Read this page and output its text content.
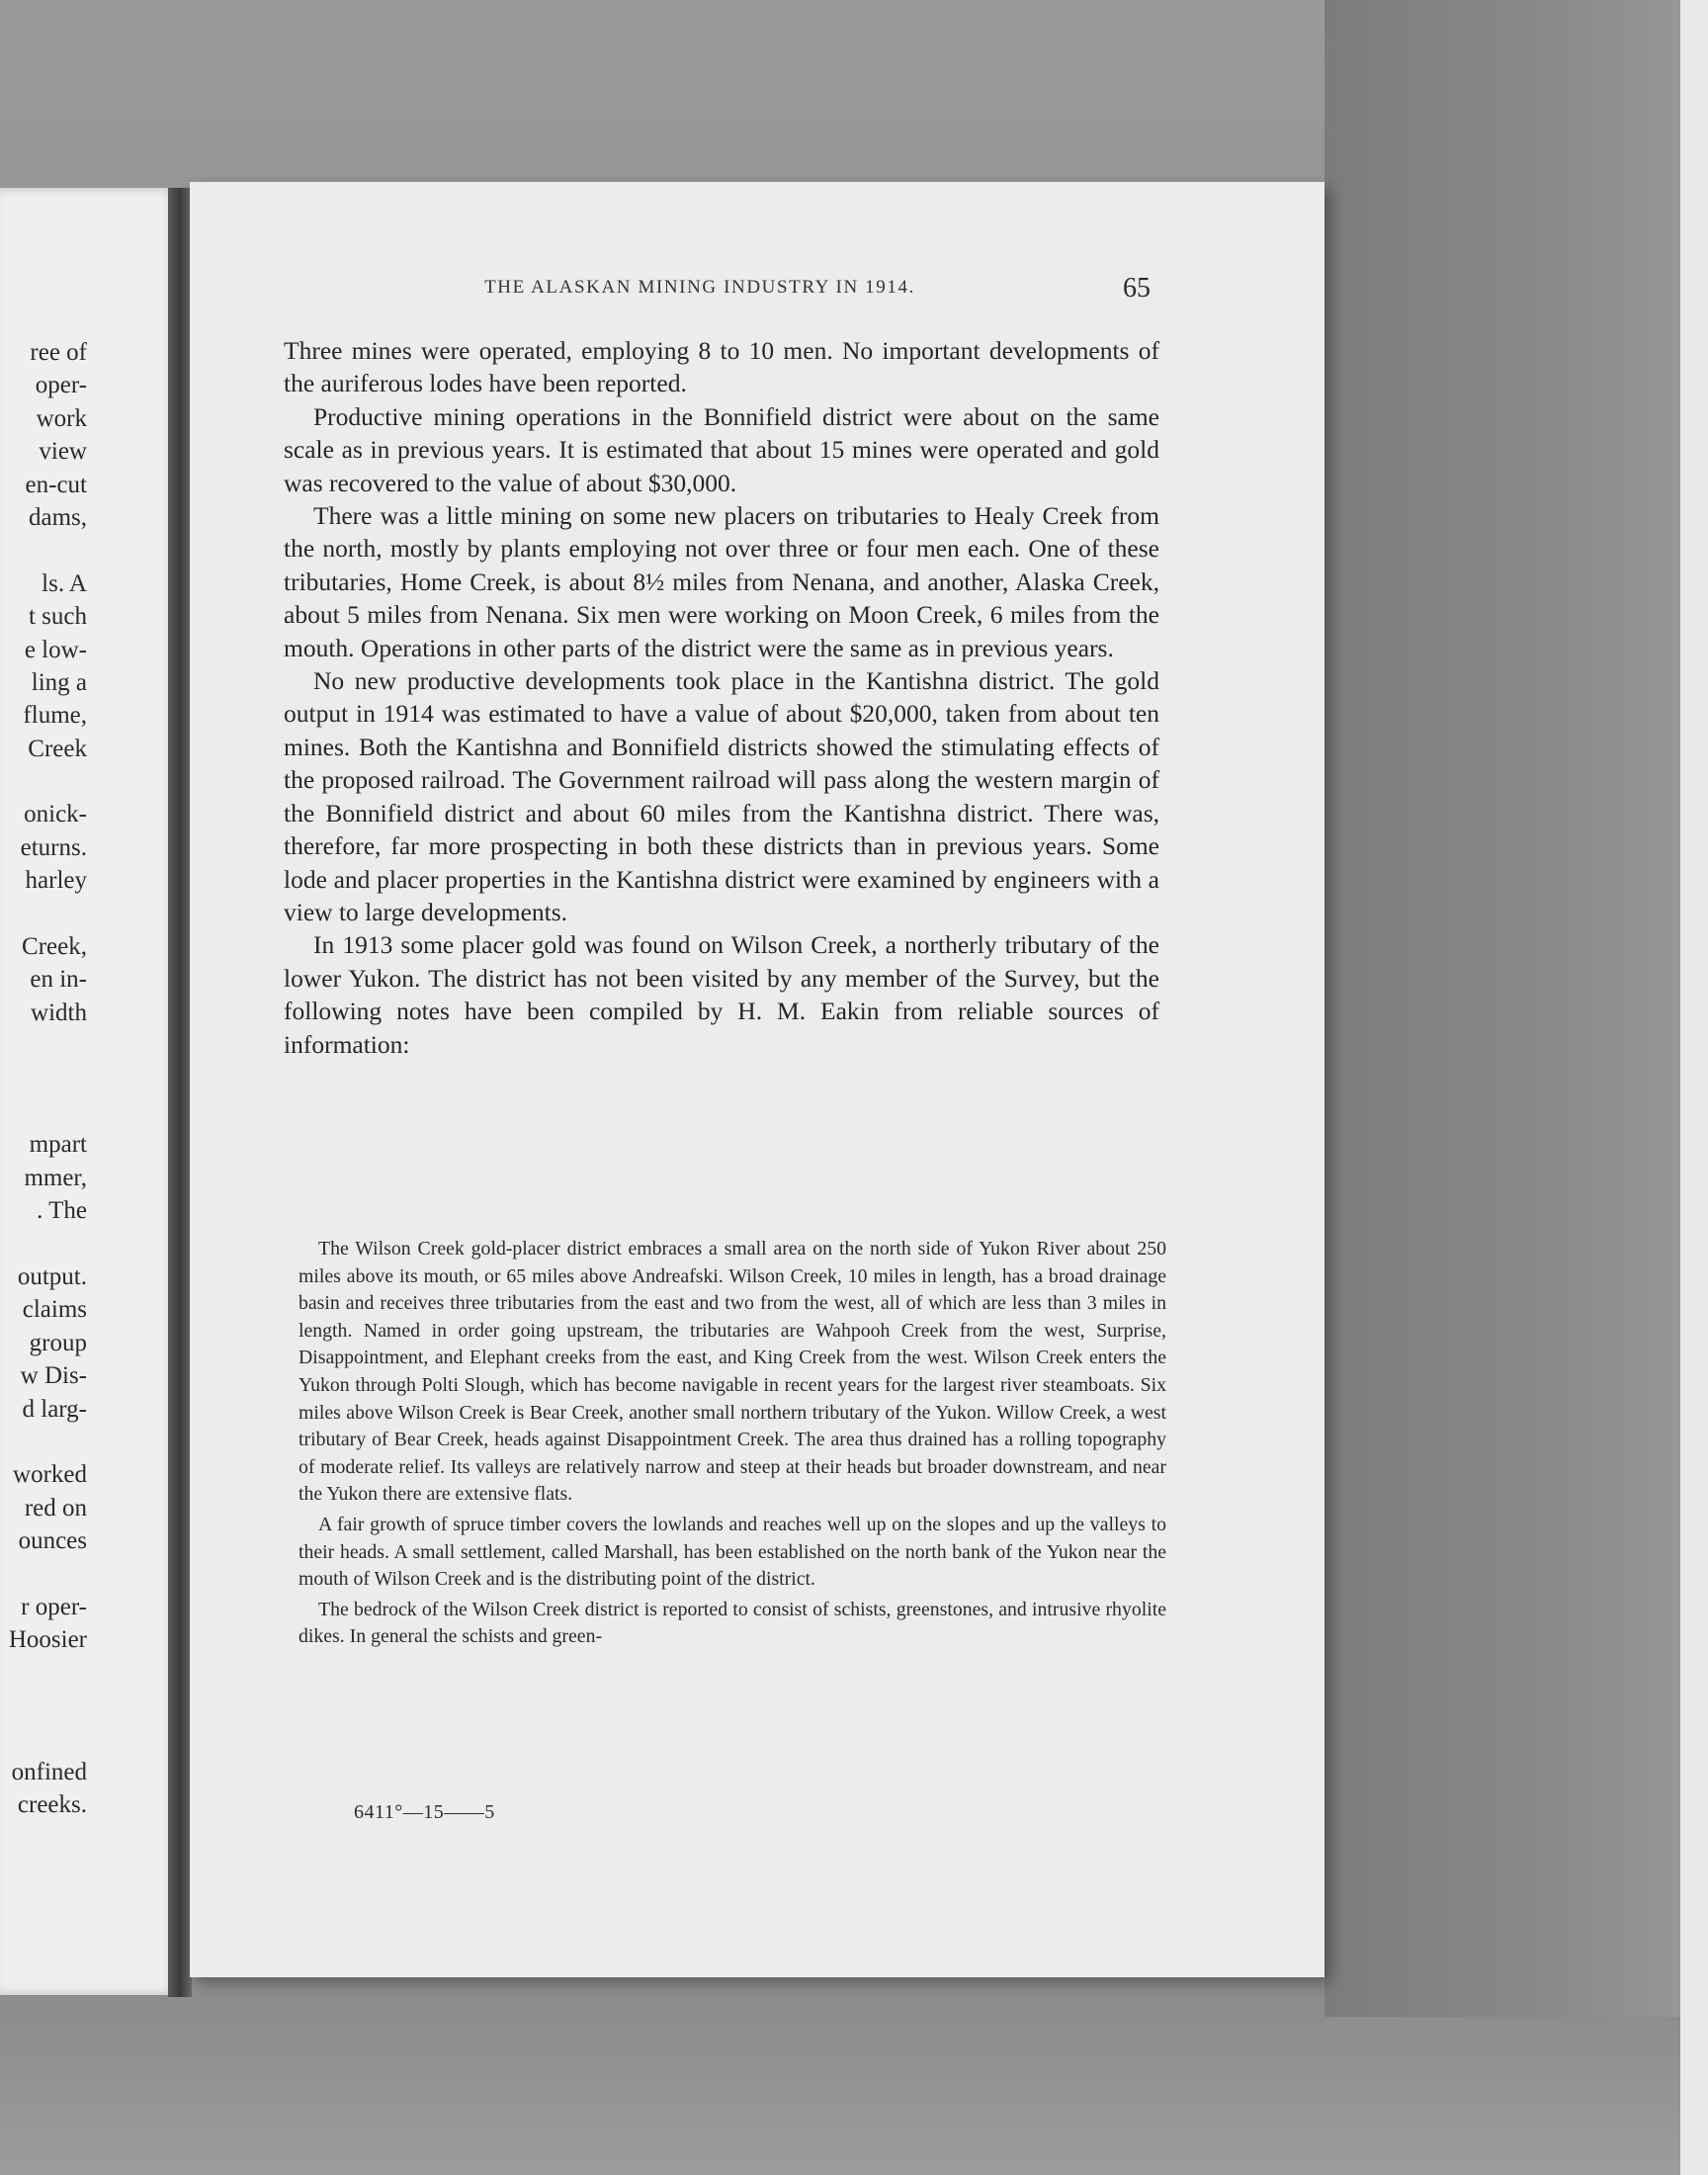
ree of
oper-
work
view
en-cut
dams,
ls. A
t such
e low-
ling a
flume,
Creek
onick-
eturns.
harley
Creek,
en in-
width
mpart
mmer,
. The
output.
claims
group
w Dis-
d larg-
worked
red on
ounces
r oper-
Hoosier
onfined
creeks.
THE ALASKAN MINING INDUSTRY IN 1914.	65

Three mines were operated, employing 8 to 10 men. No important developments of the auriferous lodes have been reported.

Productive mining operations in the Bonnifield district were about on the same scale as in previous years. It is estimated that about 15 mines were operated and gold was recovered to the value of about $30,000.

There was a little mining on some new placers on tributaries to Healy Creek from the north, mostly by plants employing not over three or four men each. One of these tributaries, Home Creek, is about 8½ miles from Nenana, and another, Alaska Creek, about 5 miles from Nenana. Six men were working on Moon Creek, 6 miles from the mouth. Operations in other parts of the district were the same as in previous years.

No new productive developments took place in the Kantishna district. The gold output in 1914 was estimated to have a value of about $20,000, taken from about ten mines. Both the Kantishna and Bonnifield districts showed the stimulating effects of the proposed railroad. The Government railroad will pass along the western margin of the Bonnifield district and about 60 miles from the Kantishna district. There was, therefore, far more prospecting in both these districts than in previous years. Some lode and placer properties in the Kantishna district were examined by engineers with a view to large developments.

In 1913 some placer gold was found on Wilson Creek, a northerly tributary of the lower Yukon. The district has not been visited by any member of the Survey, but the following notes have been compiled by H. M. Eakin from reliable sources of information:

The Wilson Creek gold-placer district embraces a small area on the north side of Yukon River about 250 miles above its mouth, or 65 miles above Andreafski. Wilson Creek, 10 miles in length, has a broad drainage basin and receives three tributaries from the east and two from the west, all of which are less than 3 miles in length. Named in order going upstream, the tributaries are Wahpooh Creek from the west, Surprise, Disappointment, and Elephant creeks from the east, and King Creek from the west. Wilson Creek enters the Yukon through Polti Slough, which has become navigable in recent years for the largest river steamboats. Six miles above Wilson Creek is Bear Creek, another small northern tributary of the Yukon. Willow Creek, a west tributary of Bear Creek, heads against Disappointment Creek. The area thus drained has a rolling topography of moderate relief. Its valleys are relatively narrow and steep at their heads but broader downstream, and near the Yukon there are extensive flats.

A fair growth of spruce timber covers the lowlands and reaches well up on the slopes and up the valleys to their heads. A small settlement, called Marshall, has been established on the north bank of the Yukon near the mouth of Wilson Creek and is the distributing point of the district.

The bedrock of the Wilson Creek district is reported to consist of schists, greenstones, and intrusive rhyolite dikes. In general the schists and green-

6411°—15——5
